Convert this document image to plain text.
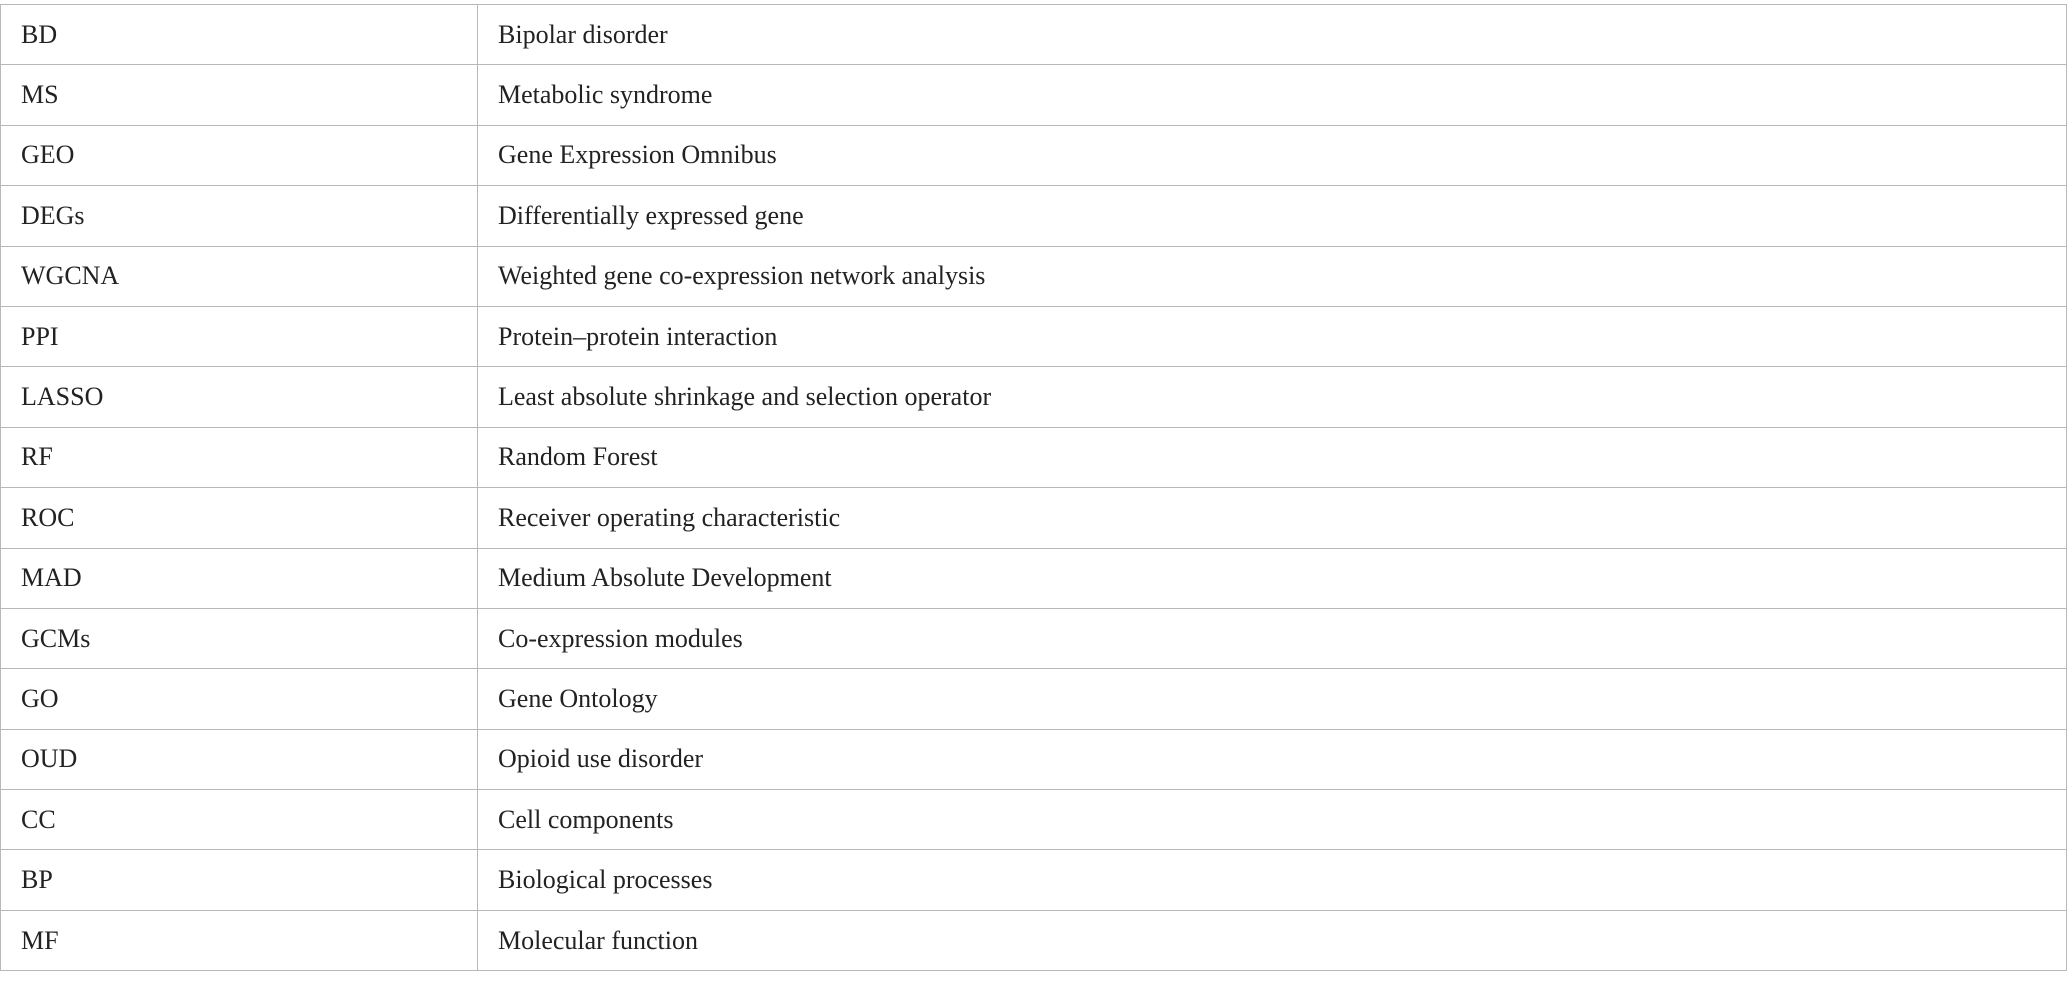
BD	Bipolar disorder
MS	Metabolic syndrome
GEO	Gene Expression Omnibus
DEGs	Differentially expressed gene
WGCNA	Weighted gene co-expression network analysis
PPI	Protein–protein interaction
LASSO	Least absolute shrinkage and selection operator
RF	Random Forest
ROC	Receiver operating characteristic
MAD	Medium Absolute Development
GCMs	Co-expression modules
GO	Gene Ontology
OUD	Opioid use disorder
CC	Cell components
BP	Biological processes
MF	Molecular function
